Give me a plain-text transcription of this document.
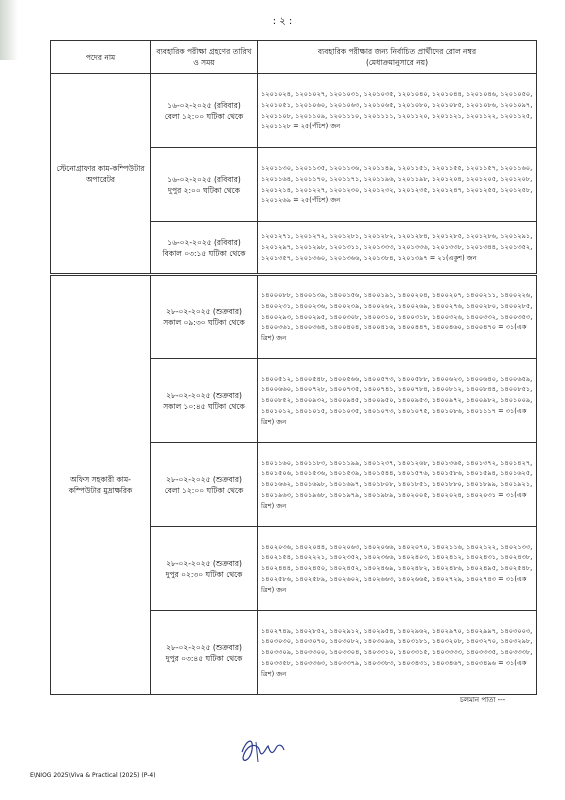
: ২ :
পদের নাম	ব্যবহারিক পরীক্ষা গ্রহণের তারিখ ও সময়	ব্যবহারিক পরীক্ষার জন্য নির্বাচিত প্রার্থীদের রোল নম্বর
(মেধাক্রমানুসারে নয়)

স্টেনোগ্রাফার কাম-কম্পিউটার অপারেটর	১৬-০২-২০২৫ (রবিবার)
বেলা ১২:০০ ঘটিকা থেকে	১২০১০২৪, ১২০১০২৭, ১২০১০৩১, ১২০১০৩৫, ১২০১০৪০, ১২০১০৪৪, ১২০১০৪৬, ১২০১০৫০, ১২০১০৫১, ১২০১০৬০, ১২০১০৬৩, ১২০১০৬৫, ১২০১০৮০, ১২০১০৮৫, ১২০১০৮৬, ১২০১০৯৭, ১২০১১০৮, ১২০১১০৯, ১২০১১১০, ১২০১১১১, ১২০১১২০, ১২০১১২১, ১২০১১২২, ১২০১১২৫, ১২০১১২৮ = ২৫(পঁচিশ) জন

	১৬-০২-২০২৫ (রবিবার)
দুপুর ২:০০ ঘটিকা থেকে	১২০১১৩০, ১২০১১৩৫, ১২০১১৩৬, ১২০১১৪৯, ১২০১১৫১, ১২০১১৫৫, ১২০১১৫৭, ১২০১১৬০, ১২০১১৬৪, ১২০১১৭০, ১২০১১৭১, ১২০১১৯৬, ১২০১১৯৮, ১২০১২০৪, ১২০১২০৫, ১২০১২০৮, ১২০১২১৪, ১২০১২২৭, ১২০১২৩০, ১২০১২৩২, ১২০১২৩৫, ১২০১২৪৭, ১২০১২৫৫, ১২০১২৫৮, ১২০১২৬৯ = ২৫(পঁচিশ) জন

	১৬-০২-২০২৫ (রবিবার)
বিকাল ০৩:১৫ ঘটিকা থেকে	১২০১২৭১, ১২০১২৭২, ১২০১২৮১, ১২০১২৮২, ১২০১২৮৪, ১২০১২৮৫, ১২০১২৮৬, ১২০১২৯১, ১২০১২৯৭, ১২০১২৯৮, ১২০১৩১১, ১২০১৩৩৩, ১২০১৩৩৬, ১২০১৩৩৮, ১২০১৩৪৪, ১২০১৩৫২, ১২০১৩৫৭, ১২০১৩৬০, ১২০১৩৬৬, ১২০১৩৮৪, ১২০১৩৯৭ = ২১(একুশ) জন
অফিস সহকারী কাম-কম্পিউটার মুদ্রাক্ষরিক	২৮-০২-২০২৫ (শুক্রবার)
সকাল ০৯:৩০ ঘটিকা থেকে	১৪০০০৮৮, ১৪০০১৩৯, ১৪০০১৫৬, ১৪০০১৯১, ১৪০০২০৪, ১৪০০২০৭, ১৪০০২১১, ১৪০০২২৬, ১৪০০২৩১, ১৪০০২৩৬, ১৪০০২৩৯, ১৪০০২৬২, ১৪০০২৬৯, ১৪০০২৭৬, ১৪০০২৮০, ১৪০০২৮৫, ১৪০০২৯৩, ১৪০০২৯৫, ১৪০০৩০৮, ১৪০০৩১০, ১৪০০৩১৮, ১৪০০৩২৬, ১৪০০৩৩২, ১৪০০৩৫৩, ১৪০০৩৬১, ১৪০০৩৬৪, ১৪০০৪০৪, ১৪০০৪১৬, ১৪০০৪৪৭, ১৪০০৪৬০, ১৪০০৪৭০ = ৩১(একত্রিশ) জন

	২৮-০২-২০২৫ (শুক্রবার)
সকাল ১০:৪৫ ঘটিকা থেকে	১৪০০৫১২, ১৪০০৫৪৮, ১৪০০৫৬৬, ১৪০০৫৭৩, ১৪০০৫৮৮, ১৪০০৬২৩, ১৪০০৬৪০, ১৪০০৬৫৯, ১৪০০৬৬০, ১৪০০৭২৮, ১৪০০৭৩৫, ১৪০০৭৪১, ১৪০০৭৮৪, ১৪০০৮১২, ১৪০০৮৪৪, ১৪০০৮৫১, ১৪০০৮৫২, ১৪০০৯৩২, ১৪০০৯৪৫, ১৪০০৯৫০, ১৪০০৯৫৩, ১৪০০৯৭২, ১৪০০৯৮২, ১৪০১০০৯, ১৪০১০১২, ১৪০১০১৫, ১৪০১০৩৫, ১৪০১০৭৩, ১৪০১০৭৫, ১৪০১০৮৬, ১৪০১১১৭ = ৩১(একত্রিশ) জন

	২৮-০২-২০২৫ (শুক্রবার)
বেলা ১২:০০ ঘটিকা থেকে	১৪০১১৬০, ১৪০১১৮৩, ১৪০১১৯৯, ১৪০১২৩৭, ১৪০১২৬৮, ১৪০১৩৬৫, ১৪০১৩৭২, ১৪০১৪২৭, ১৪০১৫০৬, ১৪০১৫৩৬, ১৪০১৫৩৯, ১৪০১৫৪৪, ১৪০১৫৭৬, ১৪০১৫৮৬, ১৪০১৫৯৪, ১৪০১৬২৫, ১৪০১৬৬২, ১৪০১৬৯৮, ১৪০১৬৯৭, ১৪০১৮০৮, ১৪০১৮৫১, ১৪০১৮৮০, ১৪০১৮৯৯, ১৪০১৯২১, ১৪০১৯৬৩, ১৪০১৯৬৮, ১৪০১৯৭৯, ১৪০১৯৮৯, ১৪০২০০৫, ১৪০২০২৪, ১৪০২০৩১ = ৩১(একত্রিশ) জন

	২৮-০২-২০২৫ (শুক্রবার)
দুপুর ০২:৩০ ঘটিকা থেকে	১৪০২০৩৬, ১৪০২০৪৪, ১৪০২০৬৩, ১৪০২০৬৬, ১৪০২০৭০, ১৪০২১১৬, ১৪০২১২২, ১৪০২১৩৩, ১৪০২১৫৪, ১৪০২২২১, ১৪০২৩৫২, ১৪০২৩৬৬, ১৪০২৪০৩, ১৪০২৪১২, ১৪০২৪৩১, ১৪০২৪৩৮, ১৪০২৪৪৪, ১৪০২৪৫০, ১৪০২৪৫২, ১৪০২৪৬৯, ১৪০২৪৮২, ১৪০২৪৮৬, ১৪০২৪৯৫, ১৪০২৫৪৮, ১৪০২৫৮৬, ১৪০২৫৮৯, ১৪০২৬০২, ১৪০২৬৬৩, ১৪০২৬৬৫, ১৪০২৭২৯, ১৪০২৭৪৩ = ৩১(একত্রিশ) জন

	২৮-০২-২০২৫ (শুক্রবার)
দুপুর ০৩:৪৫ ঘটিকা থেকে	১৪০২৭৪৯, ১৪০২৮৫২, ১৪০২৯১২, ১৪০২৯৫৪, ১৪০২৯৬২, ১৪০২৯৭০, ১৪০২৯৯৭, ১৪০৩০০৩, ১৪০৩০৩০, ১৪০৩০৭০, ১৪০৩০৮২, ১৪০৩০৯৬, ১৪০৩১৮১, ১৪০৩২০৮, ১৪০৩২৭০, ১৪০৩২৯৮, ১৪০৩৩০৯, ১৪০৩৩০০, ১৪০৩৩০৪, ১৪০৩৩১০, ১৪০৩৩১৫, ১৪০৩৩৩৩, ১৪০৩৩৩৫, ১৪০৩৩৩৮, ১৪০৩৩৫৮, ১৪০৩৩৬৩, ১৪০৩৩৭৯, ১৪০৩৩৮৩, ১৪০৩৪৩১, ১৪০৩৪৬৭, ১৪০৩৪৯৬ = ৩১(একত্রিশ) জন
চলমান পাতা ---
E\NIOG 2025\Viva & Practical (2025) (P-4)
